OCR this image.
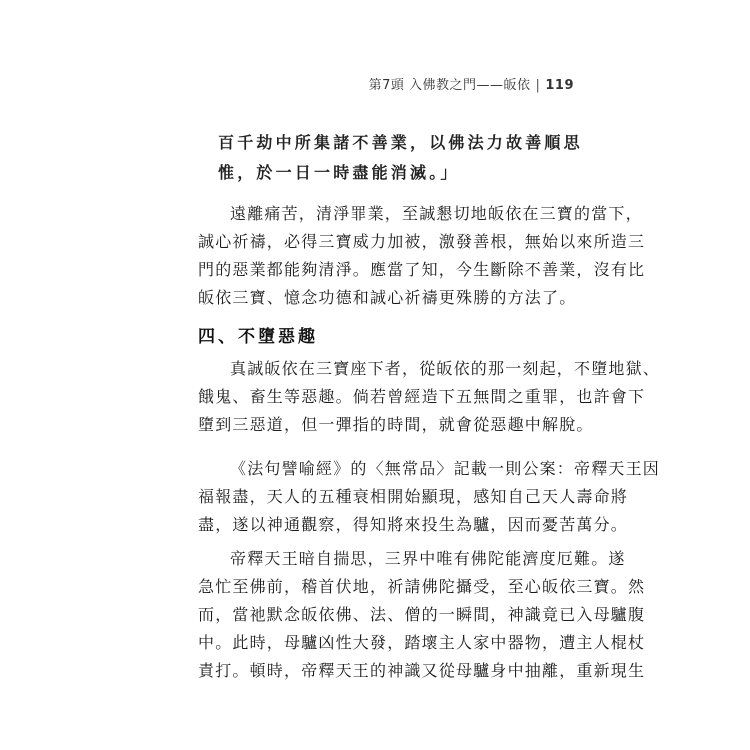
第7頭 入佛教之門——皈依 | 119
百千劫中所集諸不善業，以佛法力故善順思
惟，於一日一時盡能消滅。」
遠離痛苦，清淨罪業，至誠懇切地皈依在三寶的當下，
誠心祈禱，必得三寶威力加被，激發善根，無始以來所造三
門的惡業都能夠清淨。應當了知，今生斷除不善業，沒有比
皈依三寶、憶念功德和誠心祈禱更殊勝的方法了。
四、不墮惡趣
真誠皈依在三寶座下者，從皈依的那一刻起，不墮地獄、
餓鬼、畜生等惡趣。倘若曾經造下五無間之重罪，也許會下
墮到三惡道，但一彈指的時間，就會從惡趣中解脫。
《法句譬喻經》的〈無常品〉記載一則公案：帝釋天王因
福報盡，天人的五種衰相開始顯現，感知自己天人壽命將
盡，遂以神通觀察，得知將來投生為驢，因而憂苦萬分。
帝釋天王暗自揣思，三界中唯有佛陀能濟度厄難。遂
急忙至佛前，稽首伏地，祈請佛陀攝受，至心皈依三寶。然
而，當祂默念皈依佛、法、僧的一瞬間，神識竟已入母驢腹
中。此時，母驢凶性大發，踏壞主人家中器物，遭主人棍杖
責打。頓時，帝釋天王的神識又從母驢身中抽離，重新現生
